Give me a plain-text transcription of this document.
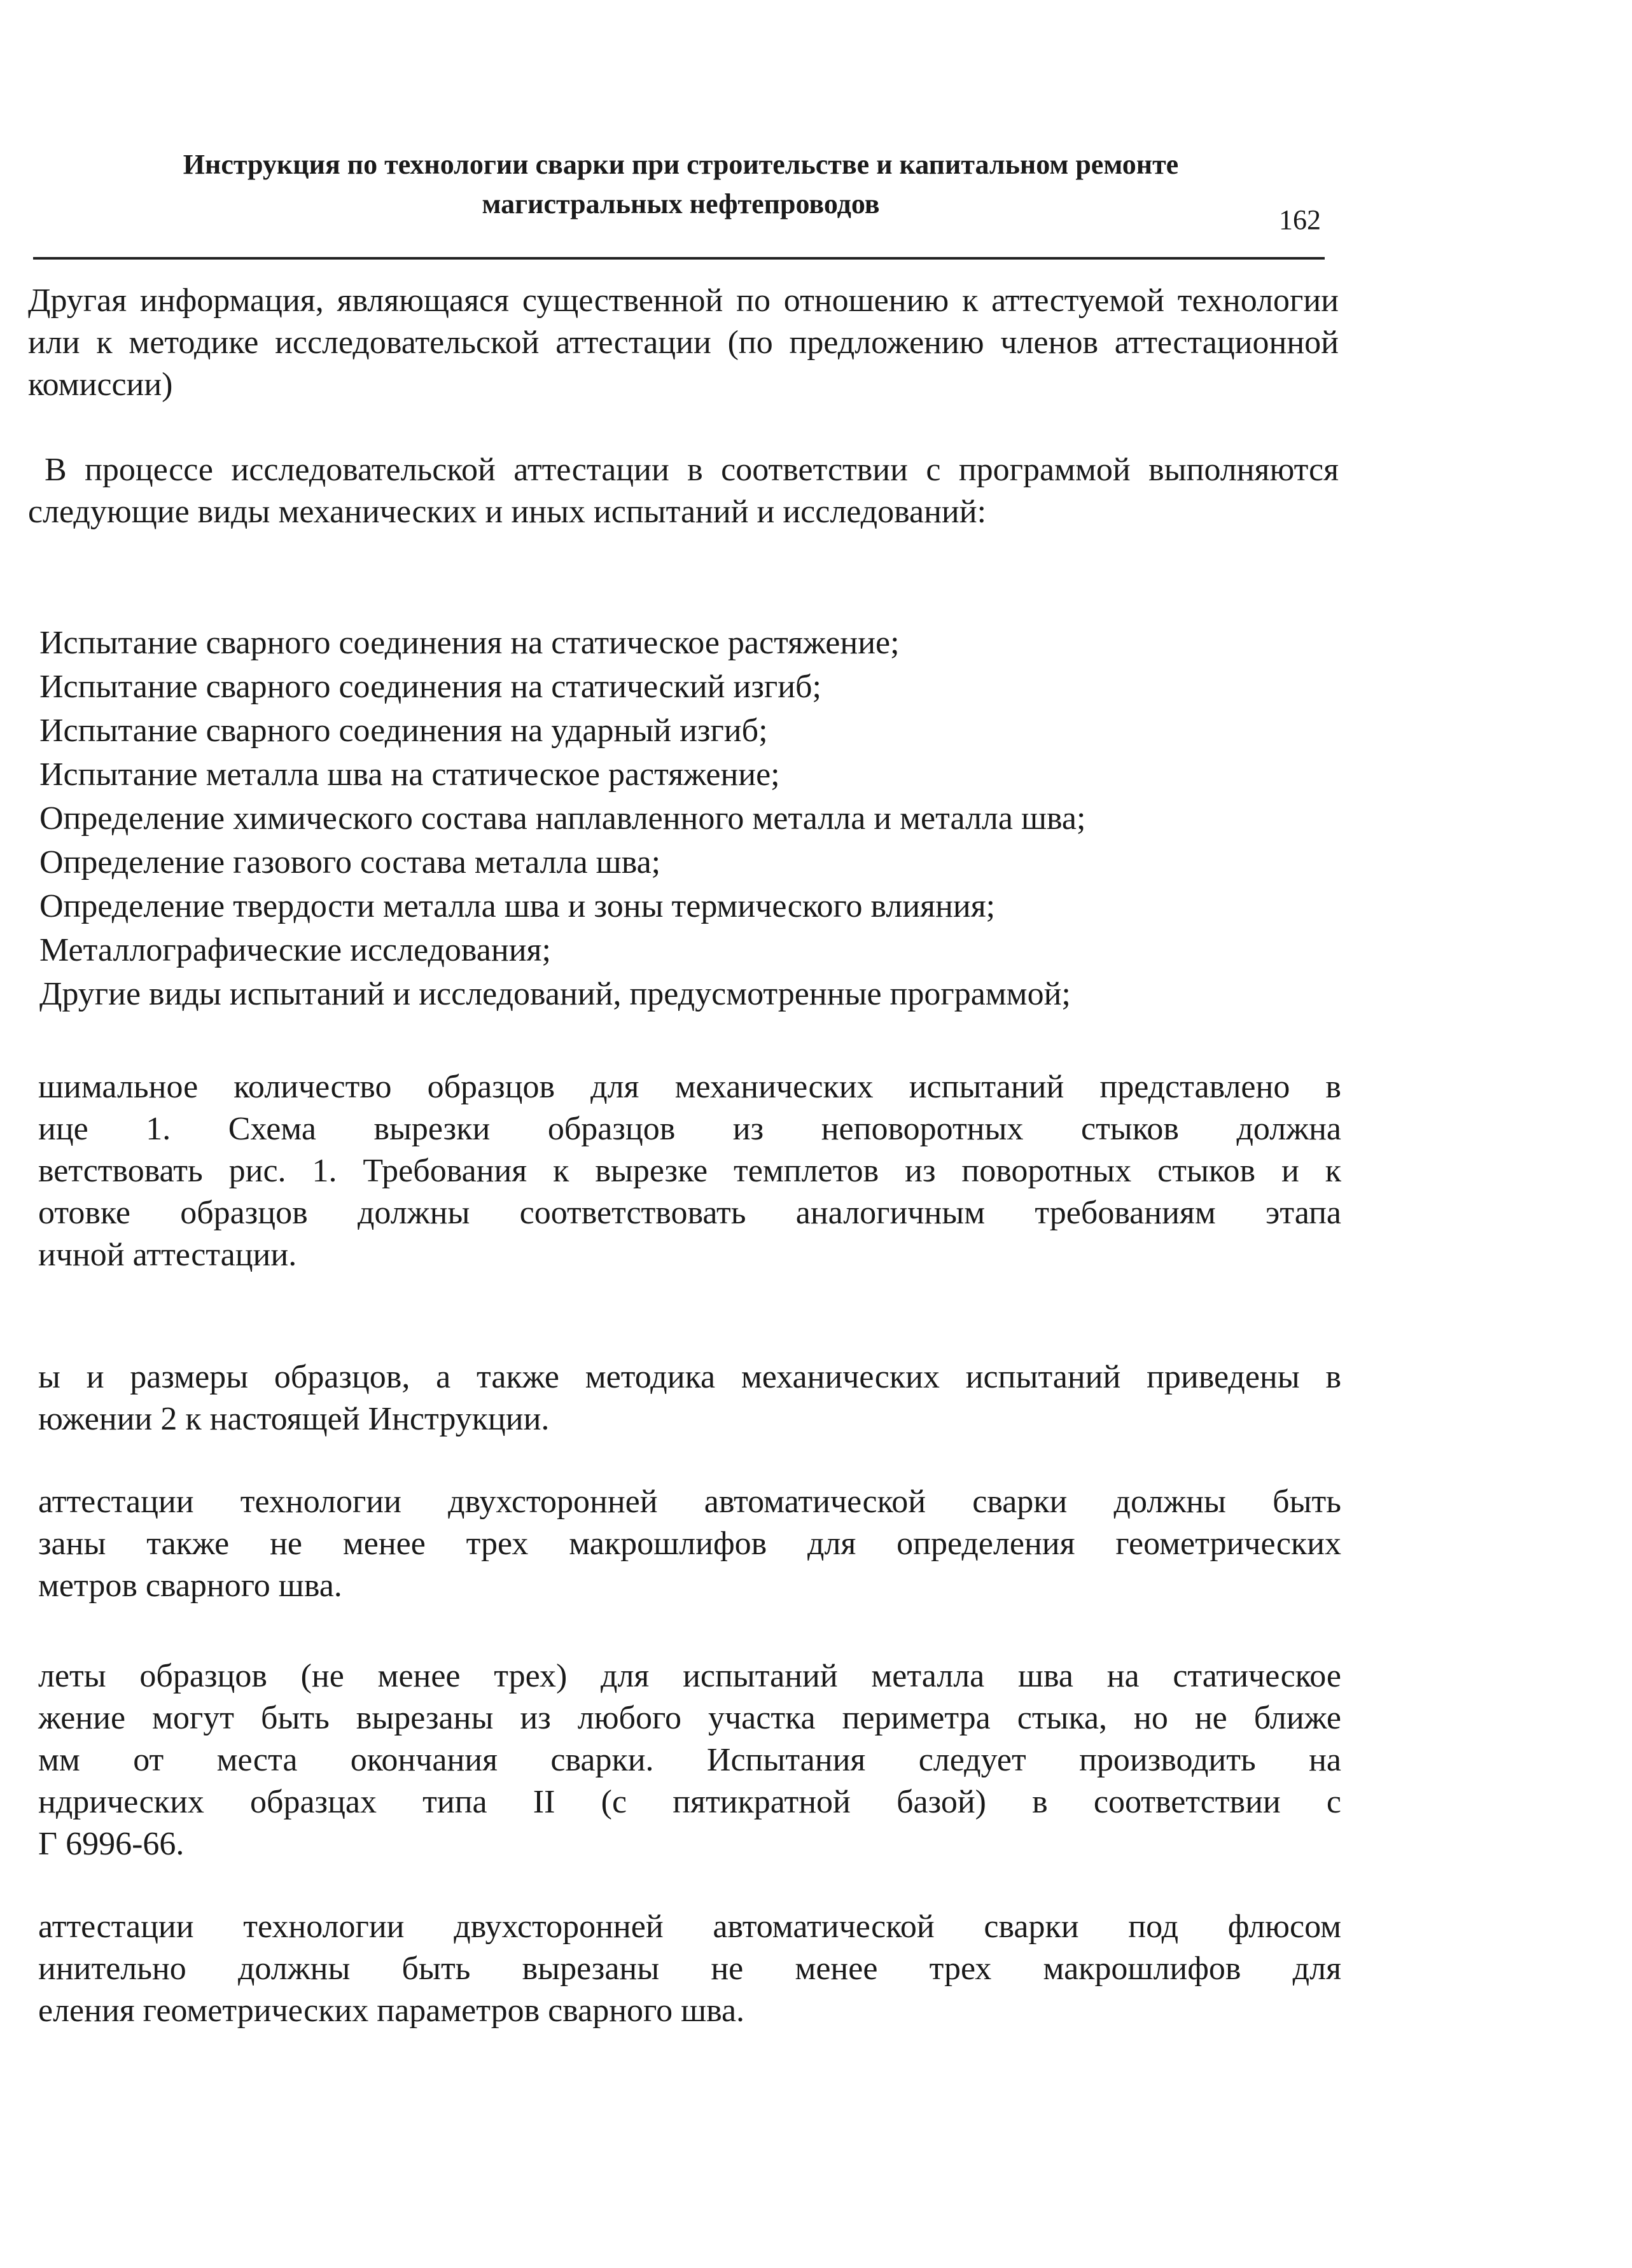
Инструкция по технологии сварки при строительстве и капитальном ремонте
магистральных нефтепроводов
162
Другая информация, являющаяся существенной по отношению к аттестуемой технологии или к методике исследовательской аттестации (по предложению членов аттестационной комиссии)
В процессе исследовательской аттестации в соответствии с программой выполняются следующие виды механических и иных испытаний и исследований:
Испытание сварного соединения на статическое растяжение;
Испытание сварного соединения на статический изгиб;
Испытание сварного соединения на ударный изгиб;
Испытание металла шва на статическое растяжение;
Определение химического состава наплавленного металла и металла шва;
Определение газового состава металла шва;
Определение твердости металла шва и зоны термического влияния;
Металлографические исследования;
Другие виды испытаний и исследований, предусмотренные программой;
шимальное количество образцов для механических испытаний представлено в
ице 1. Схема вырезки образцов из неповоротных стыков должна
ветствовать рис. 1. Требования к вырезке темплетов из поворотных стыков и к
отовке образцов должны соответствовать аналогичным требованиям этапа
ичной аттестации.
ы и размеры образцов, а также методика механических испытаний приведены в
южении 2 к настоящей Инструкции.
аттестации технологии двухсторонней автоматической сварки должны быть
заны также не менее трех макрошлифов для определения геометрических
метров сварного шва.
леты образцов (не менее трех) для испытаний металла шва на статическое
жение могут быть вырезаны из любого участка периметра стыка, но не ближе
мм от места окончания сварки. Испытания следует производить на
ндрических образцах типа II (с пятикратной базой) в соответствии с
Г 6996-66.
аттестации технологии двухсторонней автоматической сварки под флюсом
инительно должны быть вырезаны не менее трех макрошлифов для
еления геометрических параметров сварного шва.
